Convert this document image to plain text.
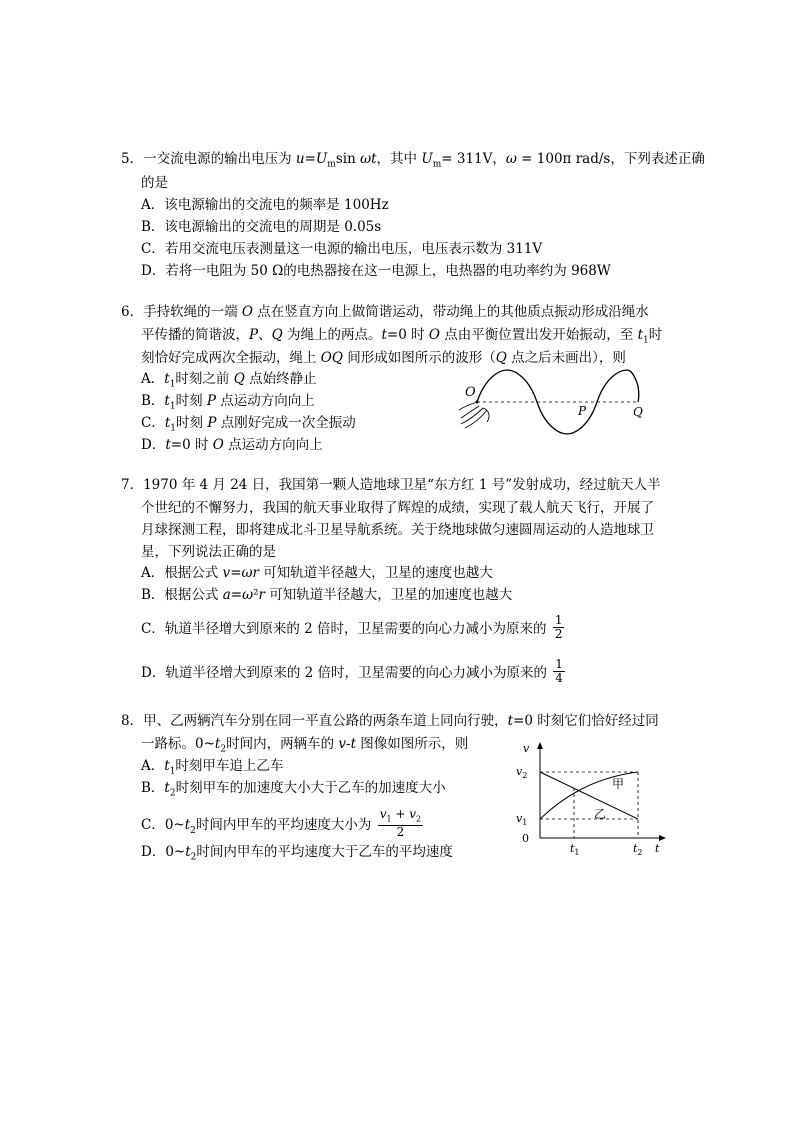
5．一交流电源的输出电压为 $u=U_m\sin$ ωt，其中 $U_m= 311V$，ω = 100π rad/s，下列表述正确
的是
A．该电源输出的交流电的频率是 100Hz
B．该电源输出的交流电的周期是 0.05s
C．若用交流电压表测量这一电源的输出电压，电压表示数为 311V
D．若将一电阻为 50 Ω的电热器接在这一电源上，电热器的电功率约为 968W
6．手持软绳的一端 O 点在竖直方向上做简谐运动，带动绳上的其他质点振动形成沿绳水
平传播的简谐波，P、Q 为绳上的两点。t=0 时 O 点由平衡位置出发开始振动，至 $t_1$时
刻恰好完成两次全振动，绳上 OQ 间形成如图所示的波形（Q 点之后未画出），则
A．$t_1$时刻之前 Q 点始终静止
B．$t_1$时刻 P 点运动方向向上
C．$t_1$时刻 P 点刚好完成一次全振动
D．t=0 时 O 点运动方向向上
O
P	Q
7．1970 年 4 月 24 日，我国第一颗人造地球卫星“东方红 1 号”发射成功，经过航天人半
个世纪的不懈努力，我国的航天事业取得了辉煌的成绩，实现了载人航天飞行，开展了
月球探测工程，即将建成北斗卫星导航系统。关于绕地球做匀速圆周运动的人造地球卫
星，下列说法正确的是
A．根据公式 v=ωr 可知轨道半径越大，卫星的速度也越大
B．根据公式 a=ω²r 可知轨道半径越大，卫星的加速度也越大
C．轨道半径增大到原来的 2 倍时，卫星需要的向心力减小为原来的 $\frac{1}{2}$
D．轨道半径增大到原来的 2 倍时，卫星需要的向心力减小为原来的 $\frac{1}{4}$
8．甲、乙两辆汽车分别在同一平直公路的两条车道上同向行驶，t=0 时刻它们恰好经过同
一路标。$0\sim t_2$时间内，两辆车的 v-t 图像如图所示，则
A．$t_1$时刻甲车追上乙车
B．$t_2$时刻甲车的加速度大小大于乙车的加速度大小
C．$0\sim t_2$时间内甲车的平均速度大小为 $\frac{v_1 + v_2}{2}$
D．$0\sim t_2$时间内甲车的平均速度大于乙车的平均速度
v
0
$v_2$
$v_1$
$t_1$	$t_2$ t
甲
乙
